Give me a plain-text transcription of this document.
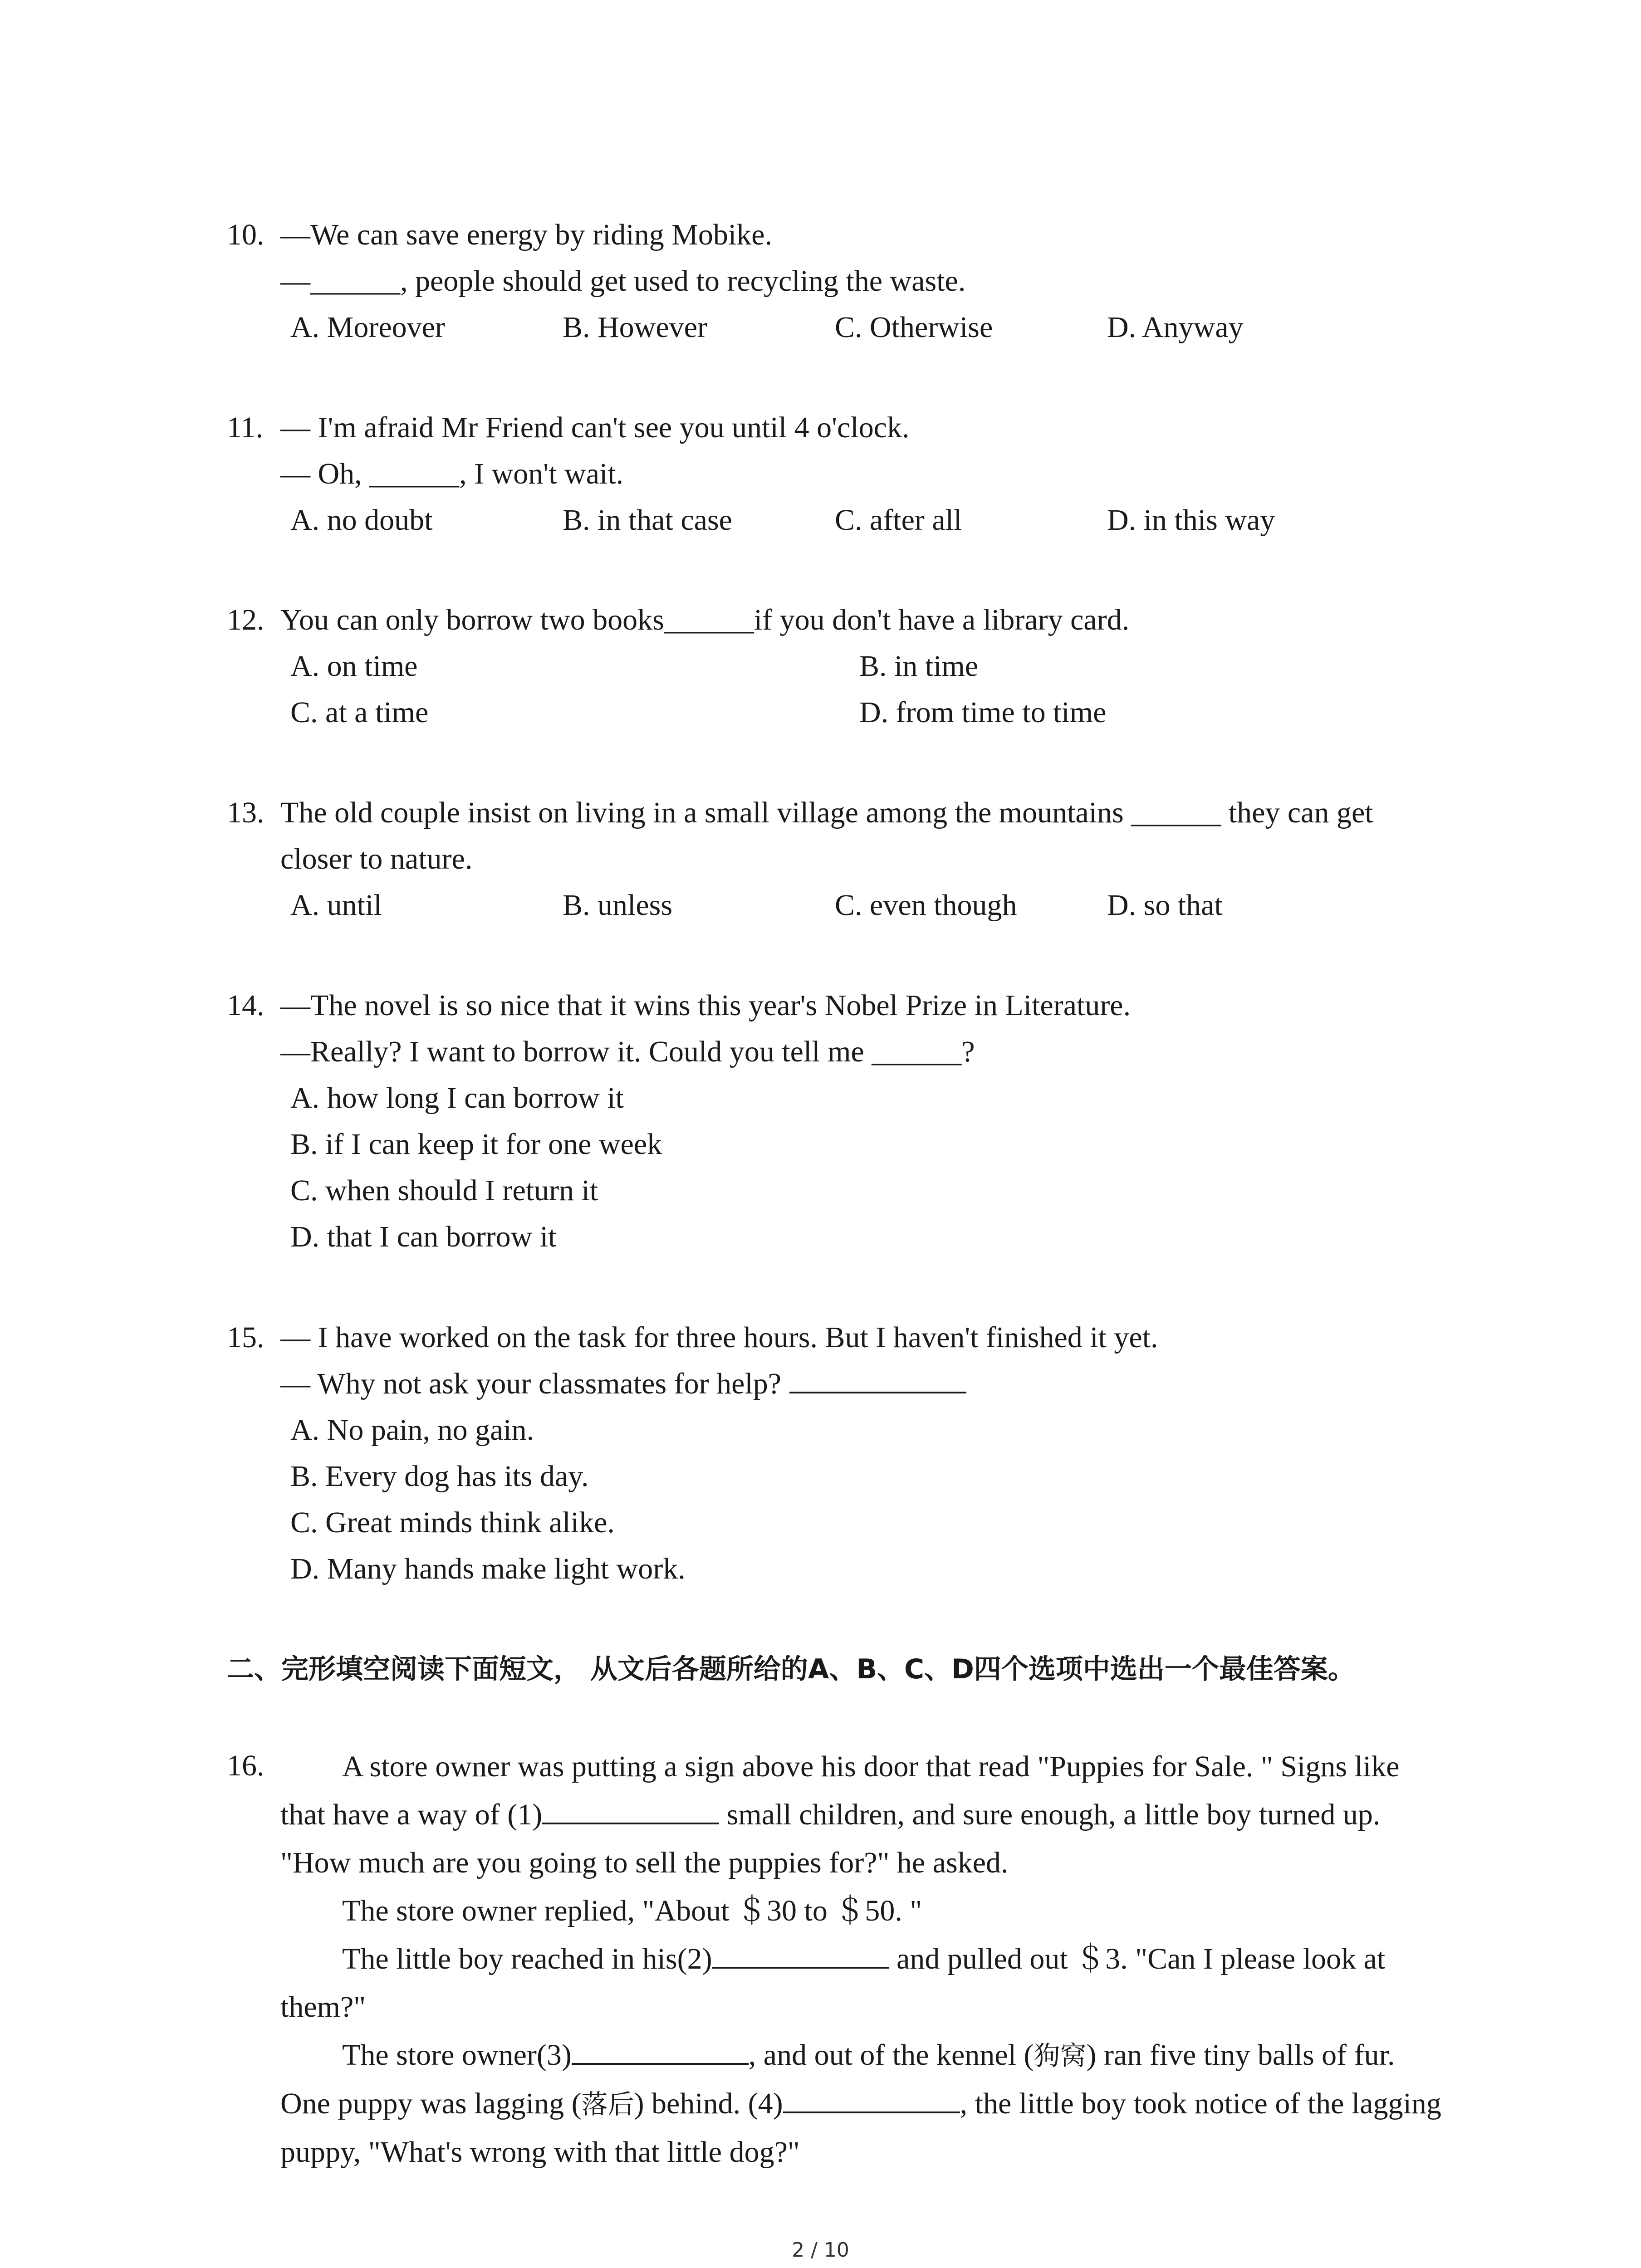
10. —We can save energy by riding Mobike.
—______, people should get used to recycling the waste.
A. Moreover	B. However	C. Otherwise	D. Anyway
11. — I'm afraid Mr Friend can't see you until 4 o'clock.
— Oh, ______, I won't wait.
A. no doubt	B. in that case	C. after all	D. in this way
12. You can only borrow two books______if you don't have a library card.
A. on time	B. in time
C. at a time	D. from time to time
13. The old couple insist on living in a small village among the mountains ______ they can get
closer to nature.
A. until	B. unless	C. even though	D. so that
14. —The novel is so nice that it wins this year's Nobel Prize in Literature.
—Really? I want to borrow it. Could you tell me ______?
A. how long I can borrow it
B. if I can keep it for one week
C. when should I return it
D. that I can borrow it
15. — I have worked on the task for three hours. But I haven't finished it yet.
— Why not ask your classmates for help?
A. No pain, no gain.
B. Every dog has its day.
C. Great minds think alike.
D. Many hands make light work.
二、完形填空阅读下面短文， 从文后各题所给的A、B、C、D四个选项中选出一个最佳答案。
16.	A store owner was putting a sign above his door that read "Puppies for Sale. " Signs like that have a way of (1)	small children, and sure enough, a little boy turned up. "How much are you going to sell the puppies for?" he asked.
The store owner replied, "About ＄30 to ＄50. "
The little boy reached in his(2)	and pulled out ＄3. "Can I please look at them?"
The store owner(3)	, and out of the kennel (狗窝) ran five tiny balls of fur. One puppy was lagging (落后) behind. (4)	, the little boy took notice of the lagging puppy, "What's wrong with that little dog?"
2 / 10
